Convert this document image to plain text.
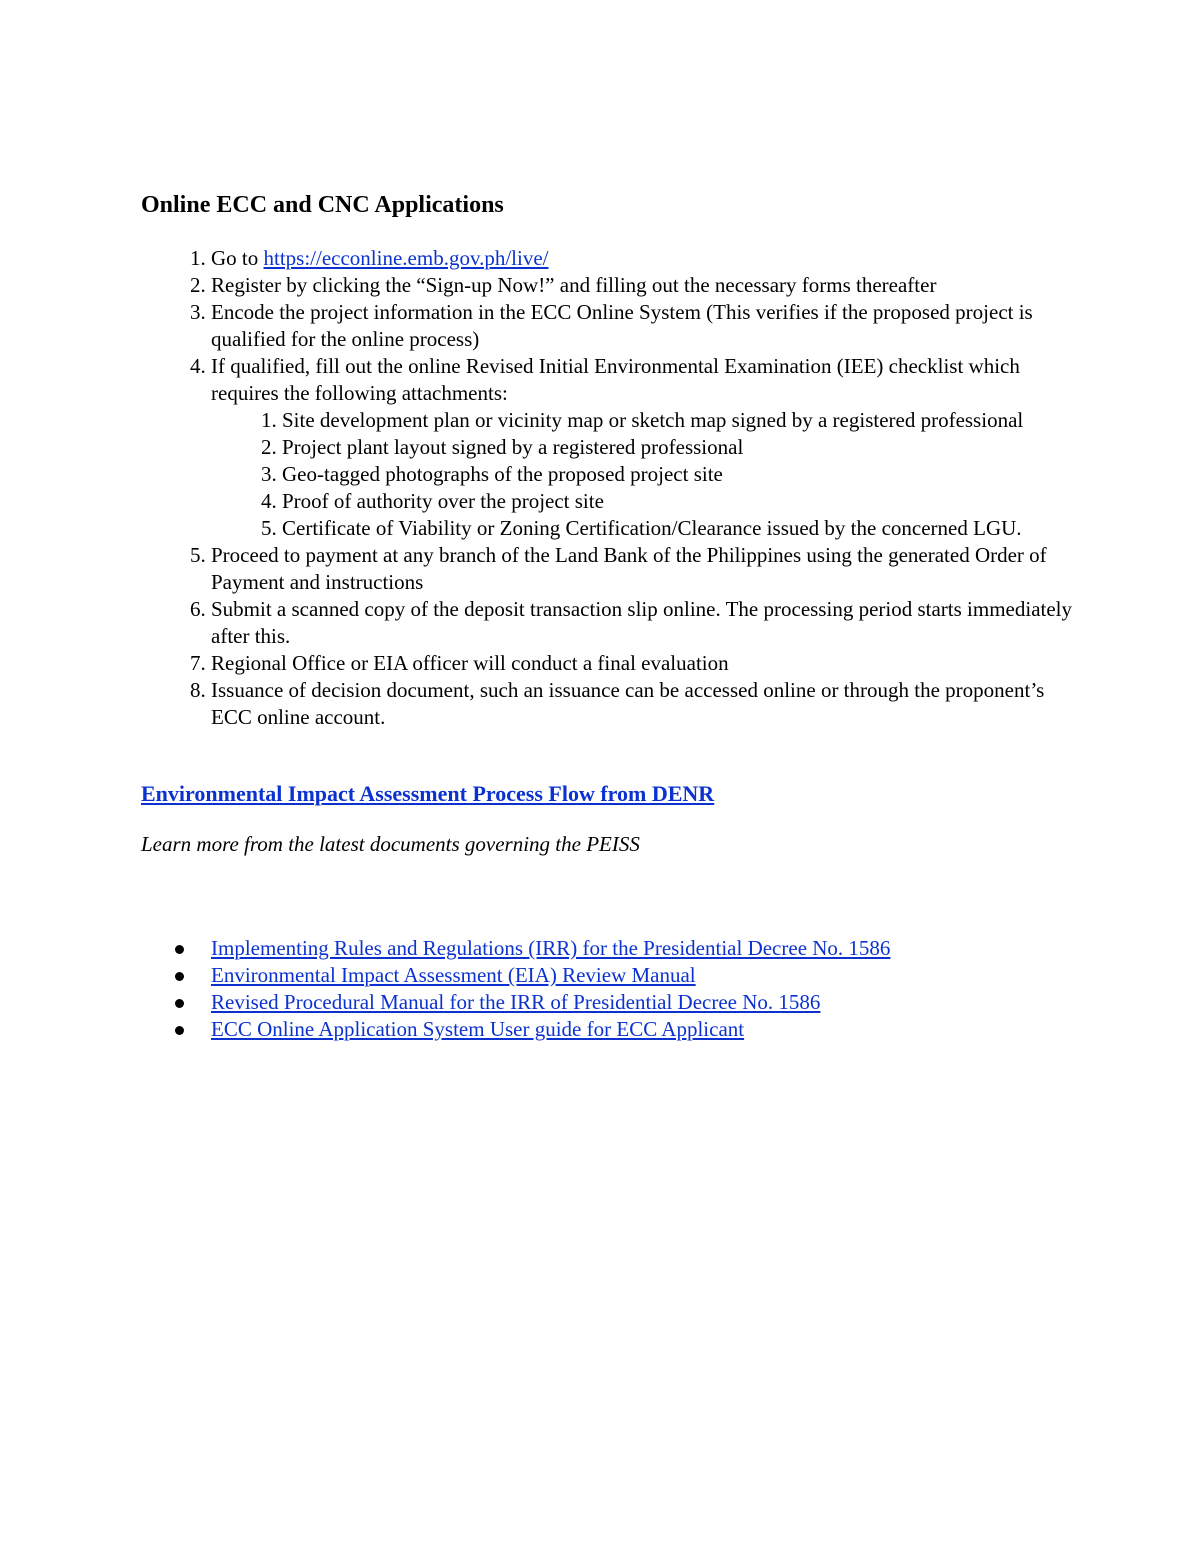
Online ECC and CNC Applications
1. Go to https://ecconline.emb.gov.ph/live/
2. Register by clicking the “Sign-up Now!” and filling out the necessary forms thereafter
3. Encode the project information in the ECC Online System (This verifies if the proposed project is qualified for the online process)
4. If qualified, fill out the online Revised Initial Environmental Examination (IEE) checklist which requires the following attachments:
1. Site development plan or vicinity map or sketch map signed by a registered professional
2. Project plant layout signed by a registered professional
3. Geo-tagged photographs of the proposed project site
4. Proof of authority over the project site
5. Certificate of Viability or Zoning Certification/Clearance issued by the concerned LGU.
5. Proceed to payment at any branch of the Land Bank of the Philippines using the generated Order of Payment and instructions
6. Submit a scanned copy of the deposit transaction slip online. The processing period starts immediately after this.
7. Regional Office or EIA officer will conduct a final evaluation
8. Issuance of decision document, such an issuance can be accessed online or through the proponent’s ECC online account.
Environmental Impact Assessment Process Flow from DENR

Learn more from the latest documents governing the PEISS

Implementing Rules and Regulations (IRR) for the Presidential Decree No. 1586
Environmental Impact Assessment (EIA) Review Manual
Revised Procedural Manual for the IRR of Presidential Decree No. 1586
ECC Online Application System User guide for ECC Applicant
